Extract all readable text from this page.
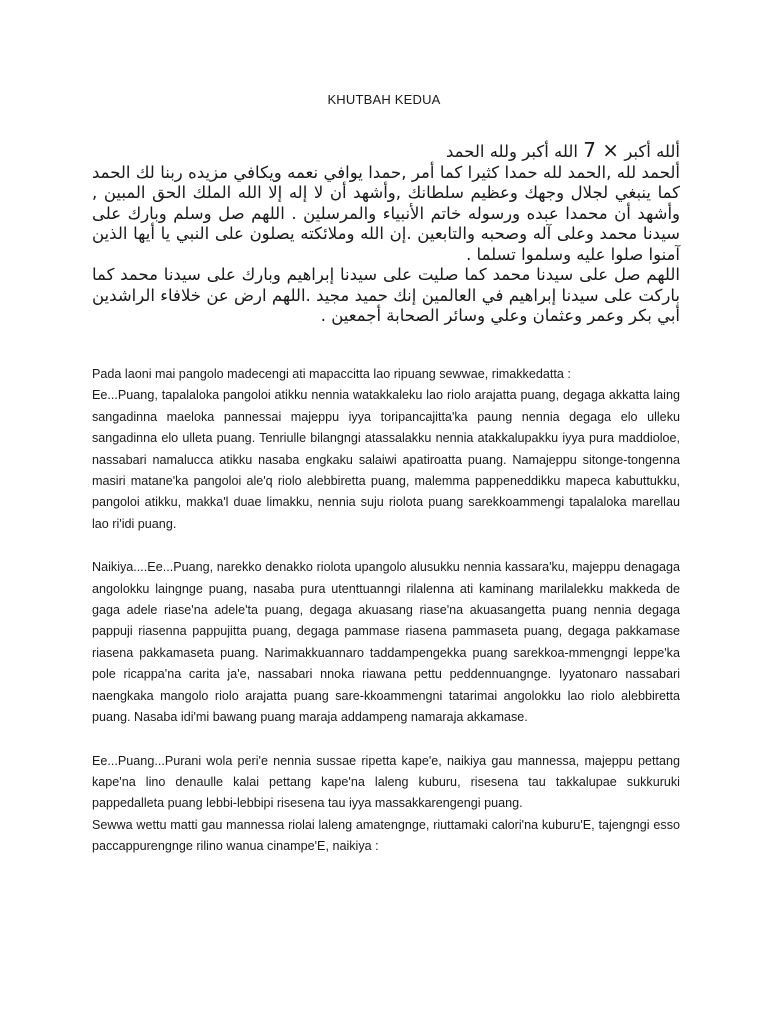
KHUTBAH KEDUA

ألله أكبر × 7 الله أكبر ولله الحمد

ألحمد لله ,الحمد لله حمدا كثيرا كما أمر ,حمدا يوافي نعمه ويكافي مزيده ربنا لك الحمد كما ينبغي لجلال وجهك وعظيم سلطانك ,وأشهد أن لا إله إلا الله الملك الحق المبين , وأشهد أن محمدا عبده ورسوله خاتم الأنبياء والمرسلين . اللهم صل وسلم وبارك على سيدنا محمد وعلى آله وصحبه والتابعين .إن الله وملائكته يصلون على النبي يا أيها الذين آمنوا صلوا عليه وسلموا تسلما .

اللهم صل على سيدنا محمد كما صليت على سيدنا إبراهيم وبارك على سيدنا محمد كما باركت على سيدنا إبراهيم في العالمين إنك حميد مجيد .اللهم ارض عن خلافاء الراشدين أبي بكر وعمر وعثمان وعلي وسائر الصحابة أجمعين .

Pada laoni mai pangolo madecengi ati mapaccitta lao ripuang sewwae, rimakkedatta :

Ee...Puang, tapalaloka pangoloi atikku nennia watakkaleku lao riolo arajatta puang, degaga akkatta laing sangadinna maeloka pannessai majeppu iyya toripancajitta'ka paung nennia degaga elo ulleku sangadinna elo ulleta puang. Tenriulle bilangngi atassalakku nennia atakkalupakku iyya pura maddioloe, nassabari namalucca atikku nasaba engkaku salaiwi apatiroatta puang. Namajeppu sitonge-tongenna masiri matane'ka pangoloi ale'q riolo alebbiretta puang, malemma pappeneddikku mapeca kabuttukku, pangoloi atikku, makka'l duae limakku, nennia suju riolota puang sarekkoammengi tapalaloka marellau lao ri'idi puang.

Naikiya....Ee...Puang, narekko denakko riolota upangolo alusukku nennia kassara'ku, majeppu denagaga angolokku laingnge puang, nasaba pura utenttuanngi rilalenna ati kaminang marilalekku makkeda de gaga adele riase'na adele'ta puang, degaga akuasang riase'na akuasangetta puang nennia degaga pappuji riasenna pappujitta puang, degaga pammase riasena pammaseta puang, degaga pakkamase riasena pakkamaseta puang. Narimakkuannaro taddampengekka puang sarekkoa-mmengngi leppe'ka pole ricappa'na carita ja'e, nassabari nnoka riawana pettu peddennuangnge. Iyyatonaro nassabari naengkaka mangolo riolo arajatta puang sare-kkoammengni tatarimai angolokku lao riolo alebbiretta puang. Nasaba idi'mi bawang puang maraja addampeng namaraja akkamase.

Ee...Puang...Purani wola peri'e nennia sussae ripetta kape'e, naikiya gau mannessa, majeppu pettang kape'na lino denaulle kalai pettang kape'na laleng kuburu, risesena tau takkalupae sukkuruki pappedalleta puang lebbi-lebbipi risesena tau iyya massakkarengengi puang.

Sewwa wettu matti gau mannessa riolai laleng amatengnge, riuttamaki calori'na kuburu'E, tajengngi esso paccappurengnge rilino wanua cinampe'E, naikiya :
